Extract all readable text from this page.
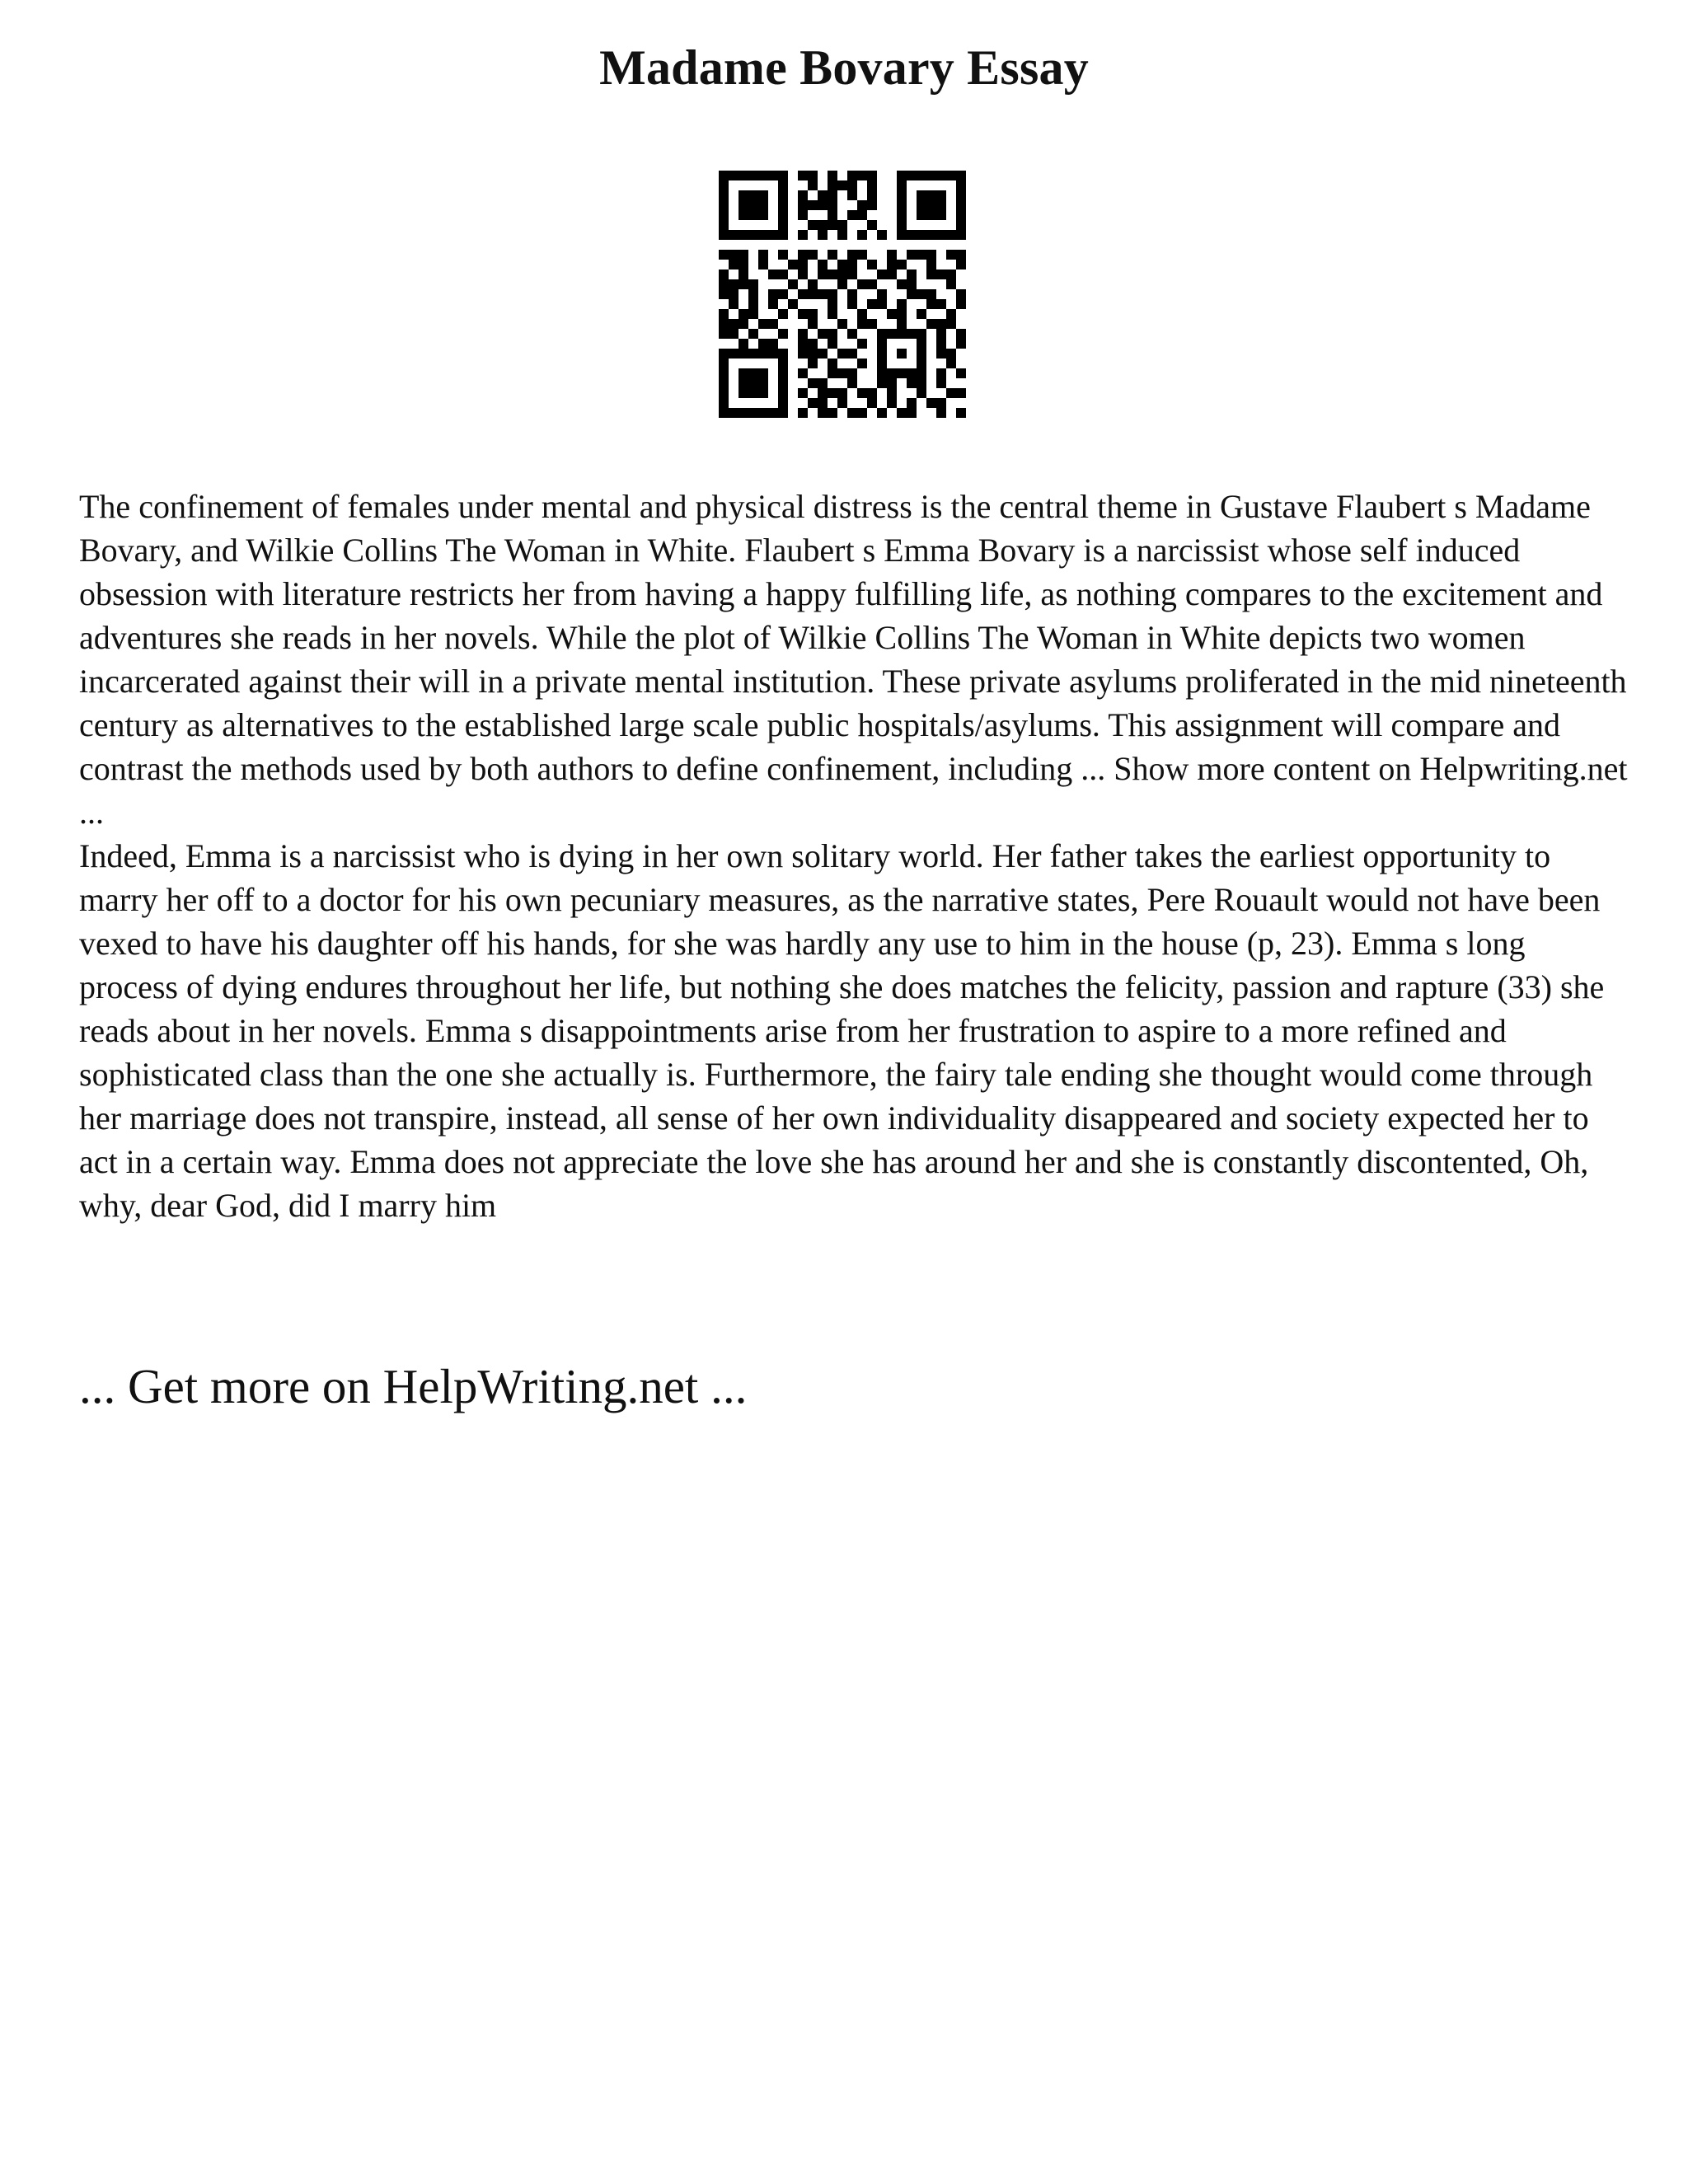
Madame Bovary Essay

The confinement of females under mental and physical distress is the central theme in Gustave Flaubert s Madame Bovary, and Wilkie Collins The Woman in White. Flaubert s Emma Bovary is a narcissist whose self induced obsession with literature restricts her from having a happy fulfilling life, as nothing compares to the excitement and adventures she reads in her novels. While the plot of Wilkie Collins The Woman in White depicts two women incarcerated against their will in a private mental institution. These private asylums proliferated in the mid nineteenth century as alternatives to the established large scale public hospitals/asylums. This assignment will compare and contrast the methods used by both authors to define confinement, including ... Show more content on Helpwriting.net ...

Indeed, Emma is a narcissist who is dying in her own solitary world. Her father takes the earliest opportunity to marry her off to a doctor for his own pecuniary measures, as the narrative states, Pere Rouault would not have been vexed to have his daughter off his hands, for she was hardly any use to him in the house (p, 23). Emma s long process of dying endures throughout her life, but nothing she does matches the felicity, passion and rapture (33) she reads about in her novels. Emma s disappointments arise from her frustration to aspire to a more refined and sophisticated class than the one she actually is. Furthermore, the fairy tale ending she thought would come through her marriage does not transpire, instead, all sense of her own individuality disappeared and society expected her to act in a certain way. Emma does not appreciate the love she has around her and she is constantly discontented, Oh, why, dear God, did I marry him

... Get more on HelpWriting.net ...
